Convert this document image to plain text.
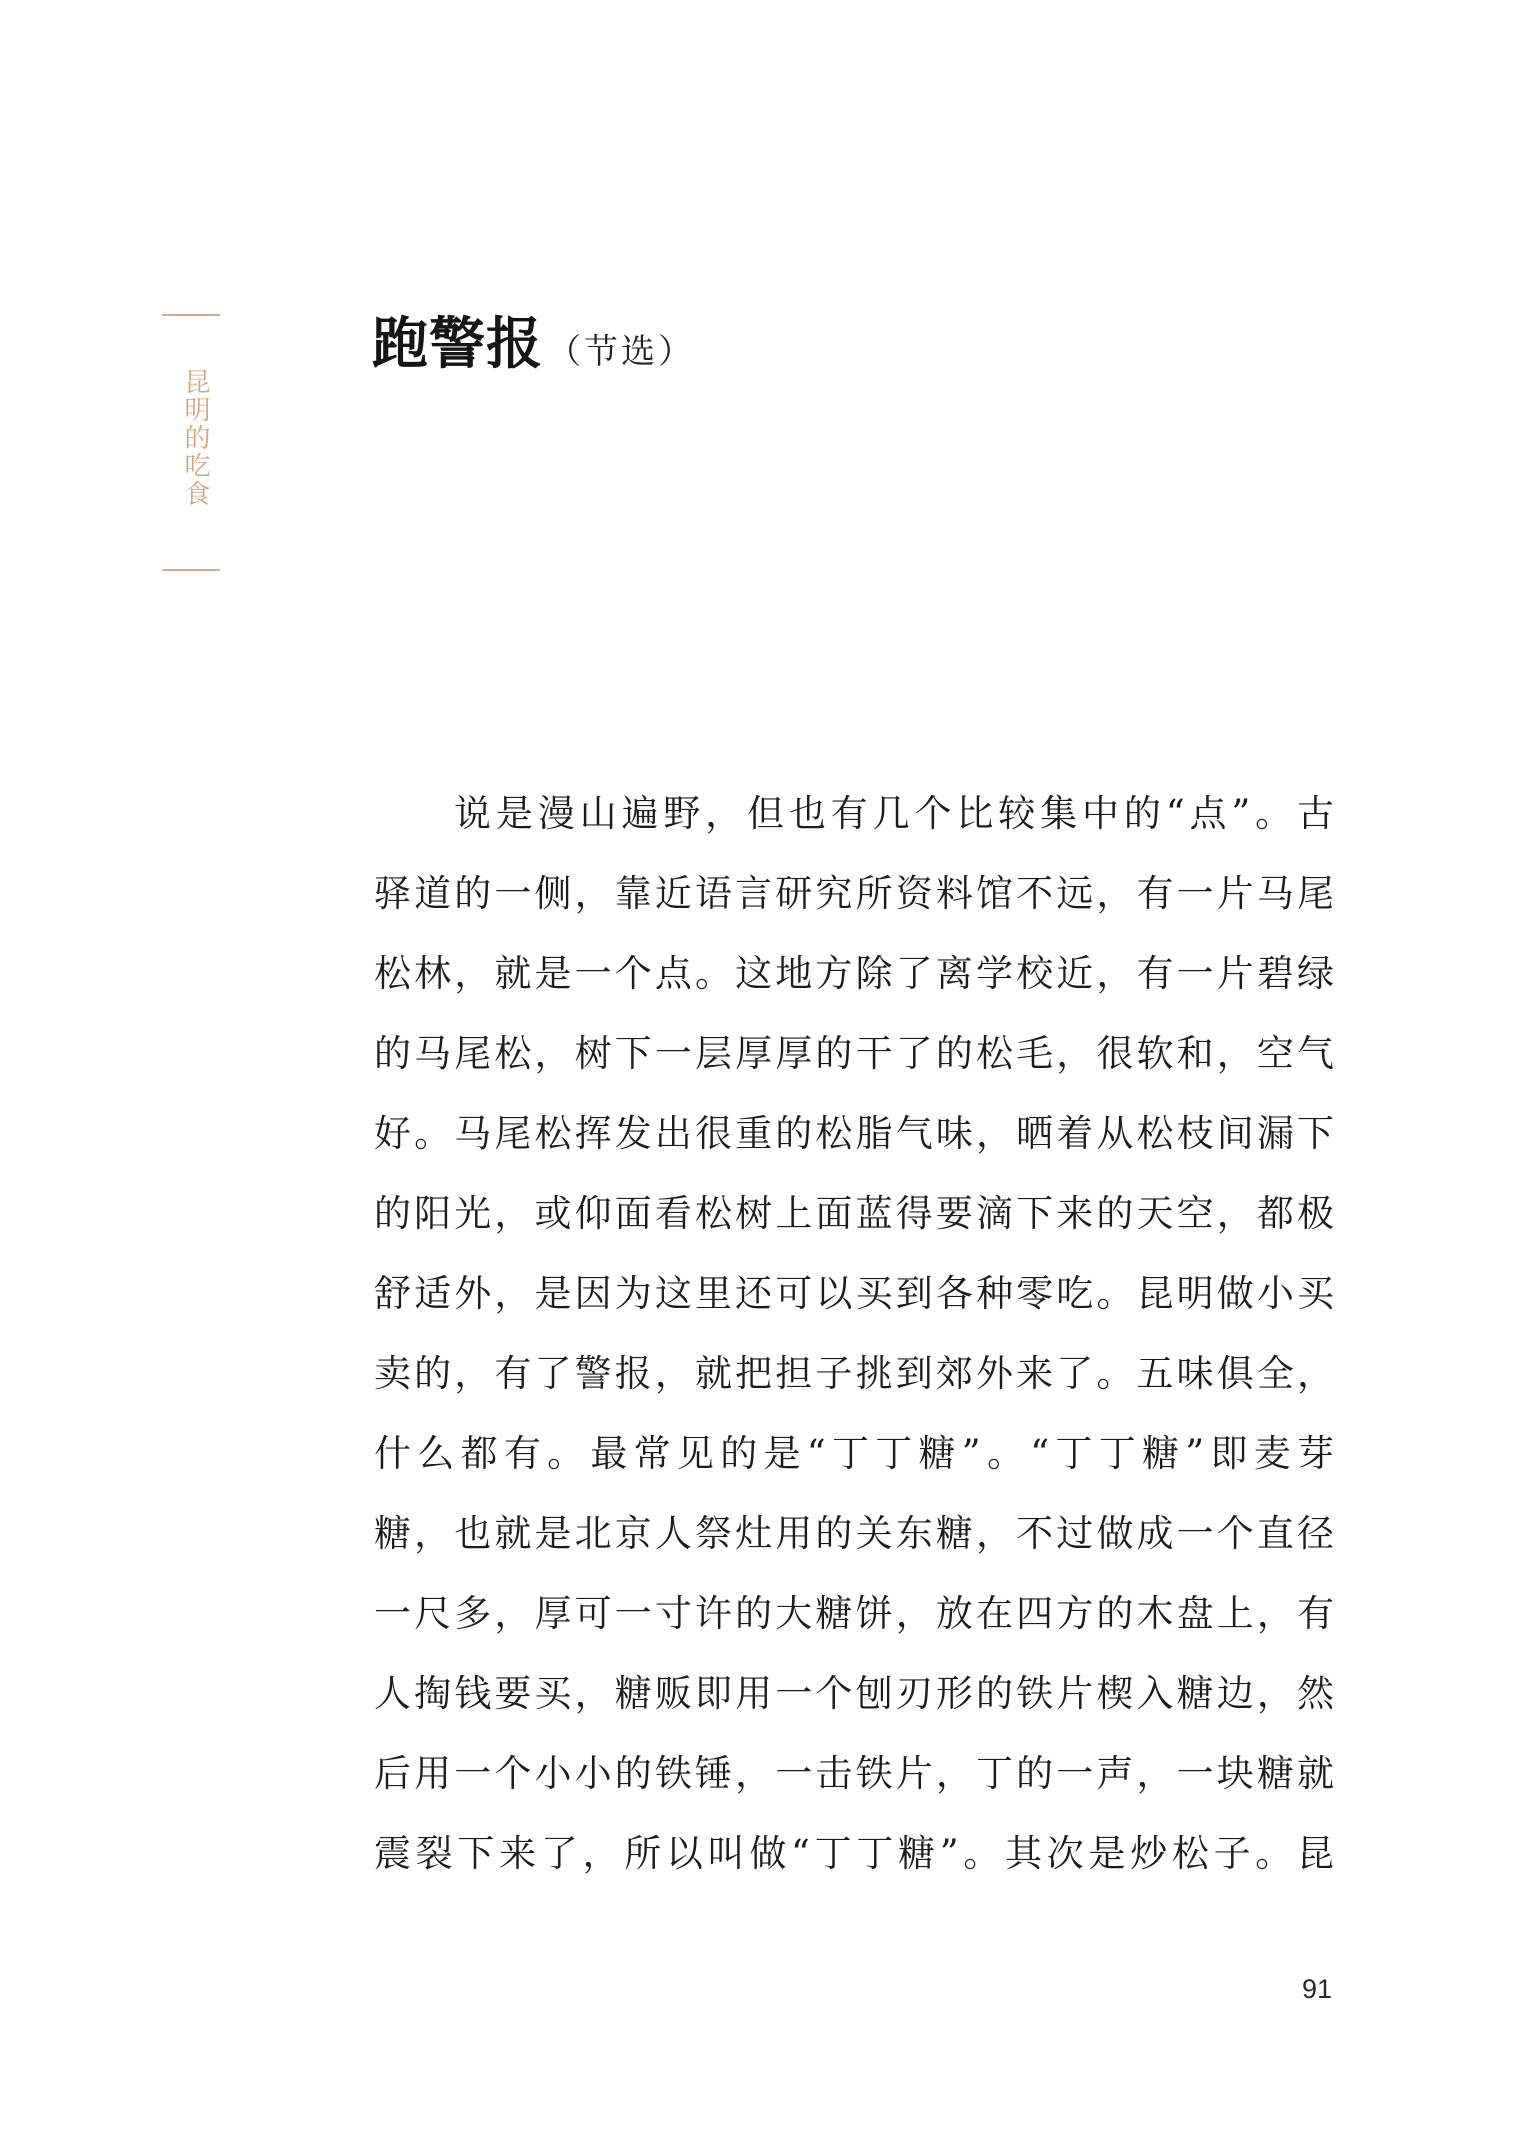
昆明的吃食
跑警报 （节选）
说是漫山遍野，但也有几个比较集中的“点”。古
驿道的一侧，靠近语言研究所资料馆不远，有一片马尾
松林，就是一个点。这地方除了离学校近，有一片碧绿
的马尾松，树下一层厚厚的干了的松毛，很软和，空气
好。马尾松挥发出很重的松脂气味，晒着从松枝间漏下
的阳光，或仰面看松树上面蓝得要滴下来的天空，都极
舒适外，是因为这里还可以买到各种零吃。昆明做小买
卖的，有了警报，就把担子挑到郊外来了。五味俱全，
什么都有。最常见的是“丁丁糖”。“丁丁糖”即麦芽
糖，也就是北京人祭灶用的关东糖，不过做成一个直径
一尺多，厚可一寸许的大糖饼，放在四方的木盘上，有
人掏钱要买，糖贩即用一个刨刃形的铁片楔入糖边，然
后用一个小小的铁锤，一击铁片，丁的一声，一块糖就
震裂下来了，所以叫做“丁丁糖”。其次是炒松子。昆
91
